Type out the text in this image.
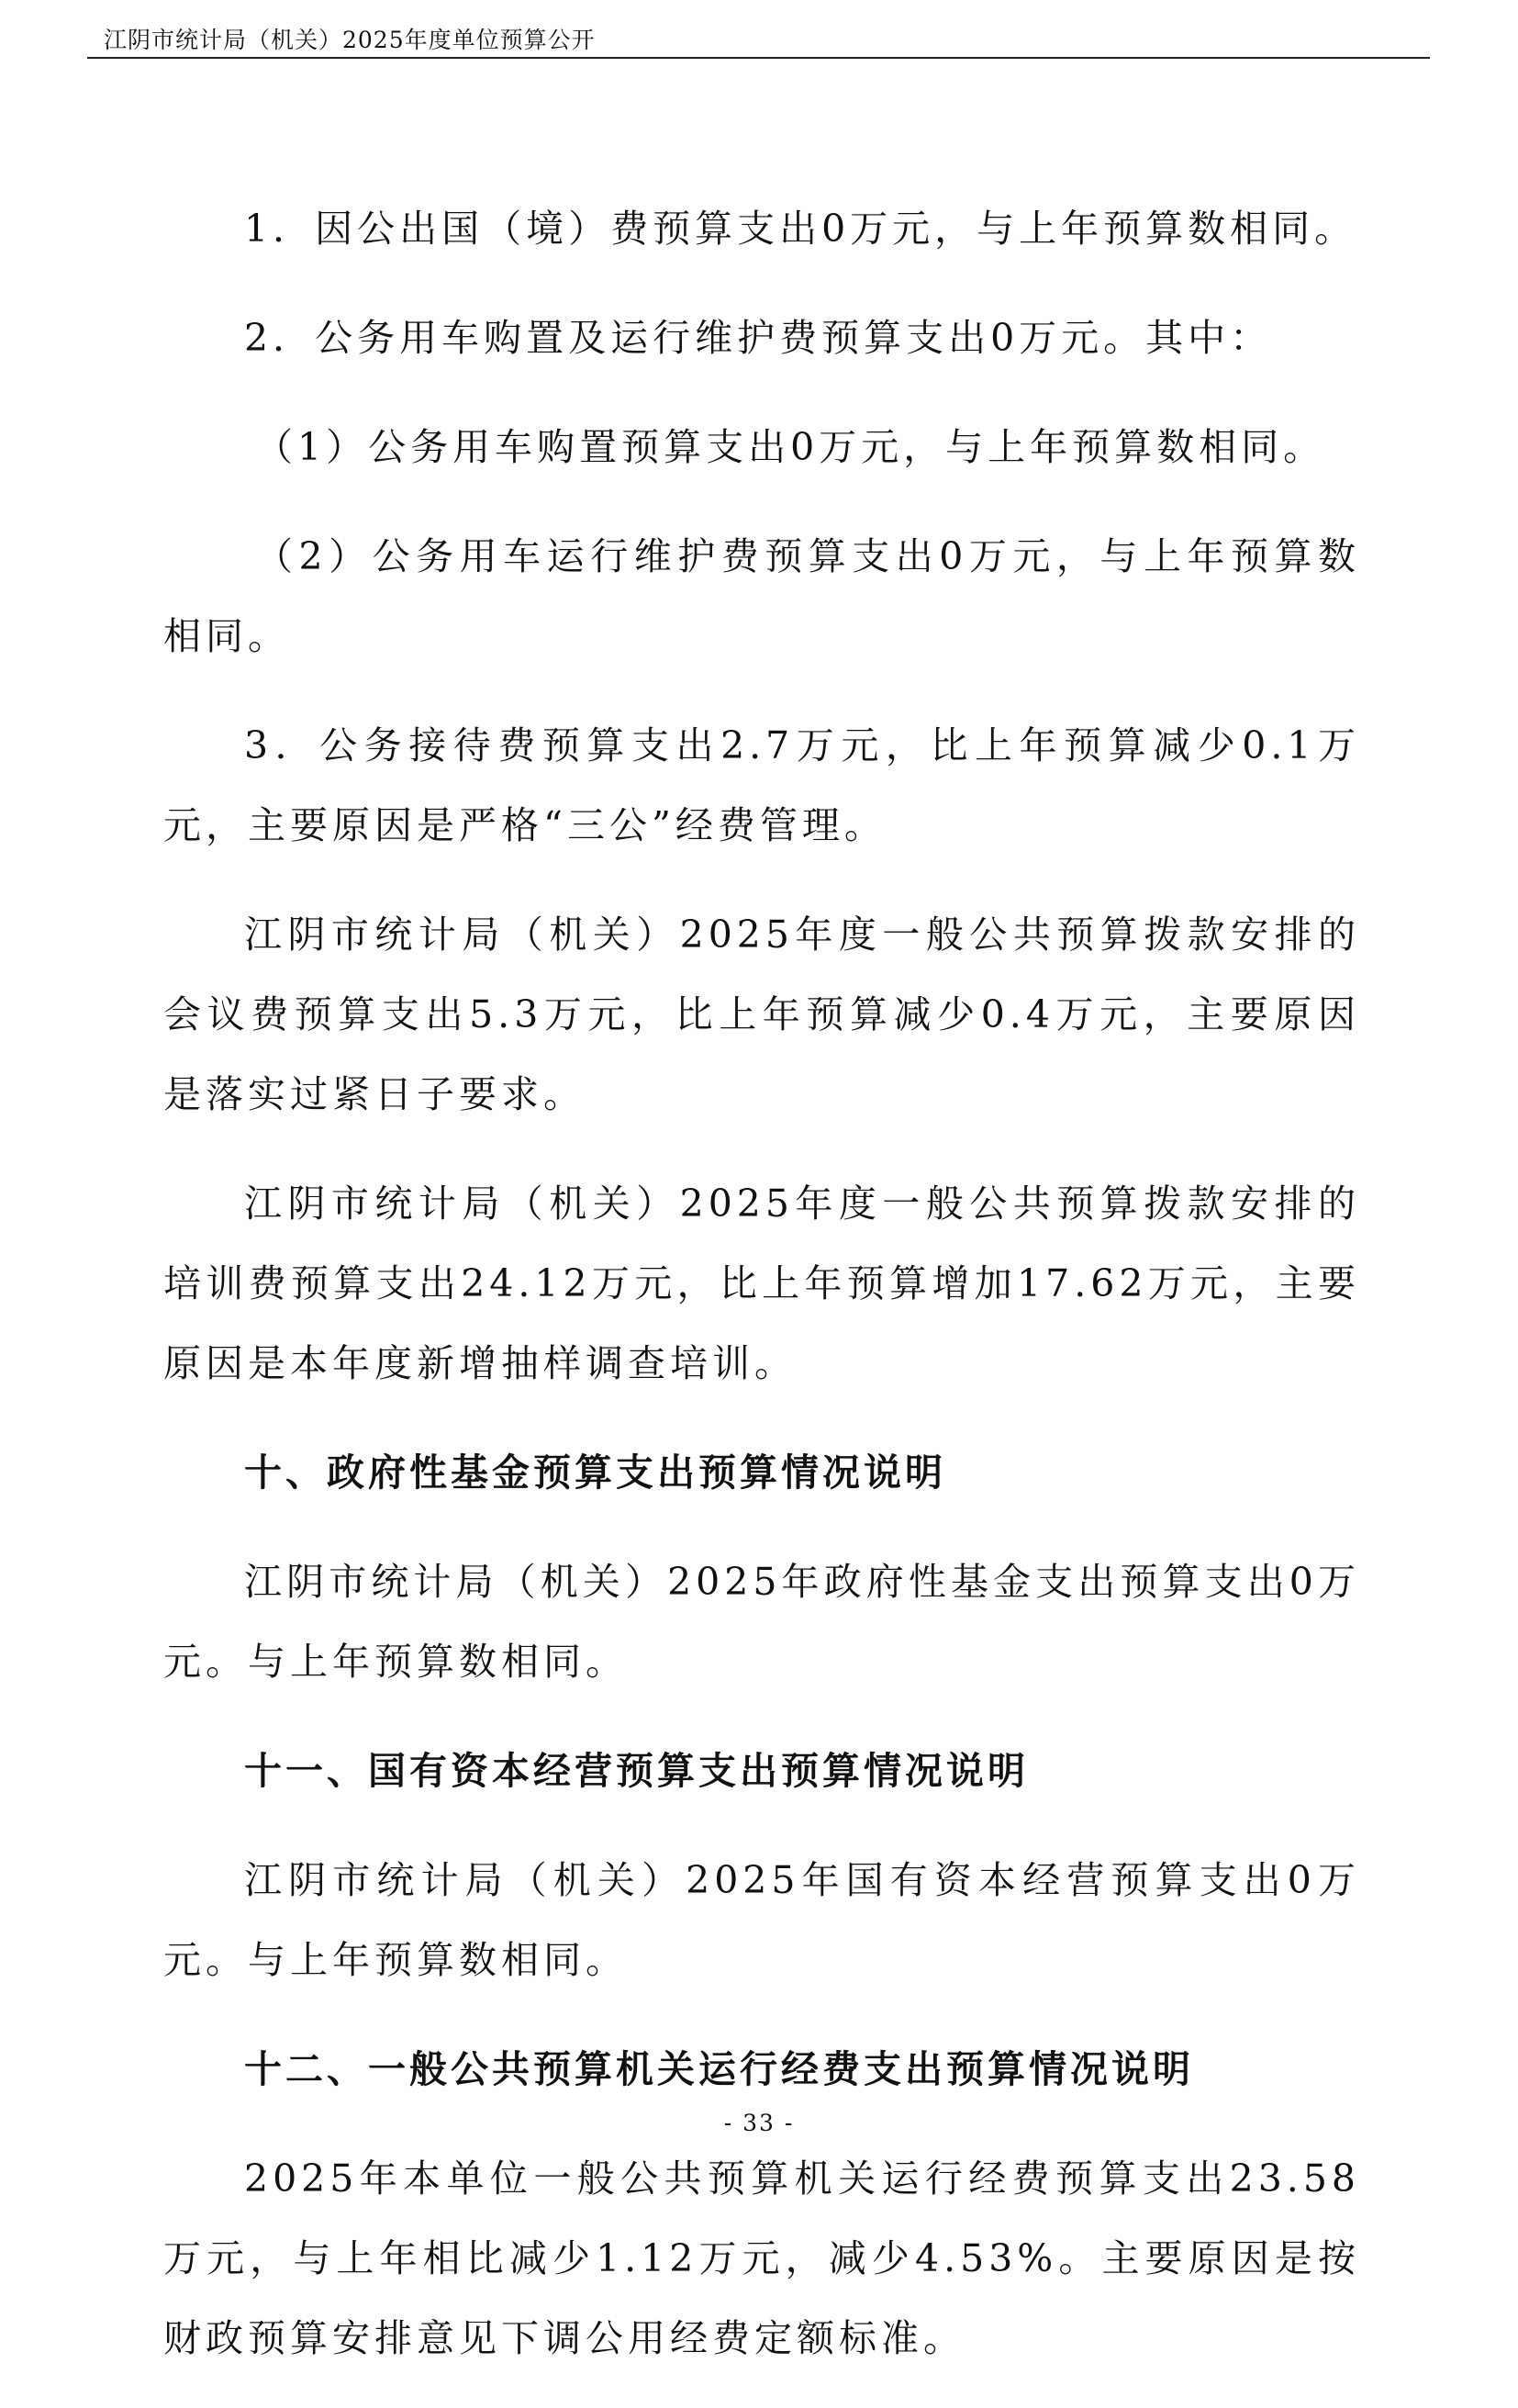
江阴市统计局（机关）2025年度单位预算公开

1．因公出国（境）费预算支出0万元，与上年预算数相同。

2．公务用车购置及运行维护费预算支出0万元。其中：

（1）公务用车购置预算支出0万元，与上年预算数相同。

（2）公务用车运行维护费预算支出0万元，与上年预算数相同。

3．公务接待费预算支出2.7万元，比上年预算减少0.1万元，主要原因是严格“三公”经费管理。

江阴市统计局（机关）2025年度一般公共预算拨款安排的会议费预算支出5.3万元，比上年预算减少0.4万元，主要原因是落实过紧日子要求。

江阴市统计局（机关）2025年度一般公共预算拨款安排的培训费预算支出24.12万元，比上年预算增加17.62万元，主要原因是本年度新增抽样调查培训。

十、政府性基金预算支出预算情况说明

江阴市统计局（机关）2025年政府性基金支出预算支出0万元。与上年预算数相同。

十一、国有资本经营预算支出预算情况说明

江阴市统计局（机关）2025年国有资本经营预算支出0万元。与上年预算数相同。

十二、一般公共预算机关运行经费支出预算情况说明

2025年本单位一般公共预算机关运行经费预算支出23.58万元，与上年相比减少1.12万元，减少4.53%。主要原因是按财政预算安排意见下调公用经费定额标准。

- 33 -
